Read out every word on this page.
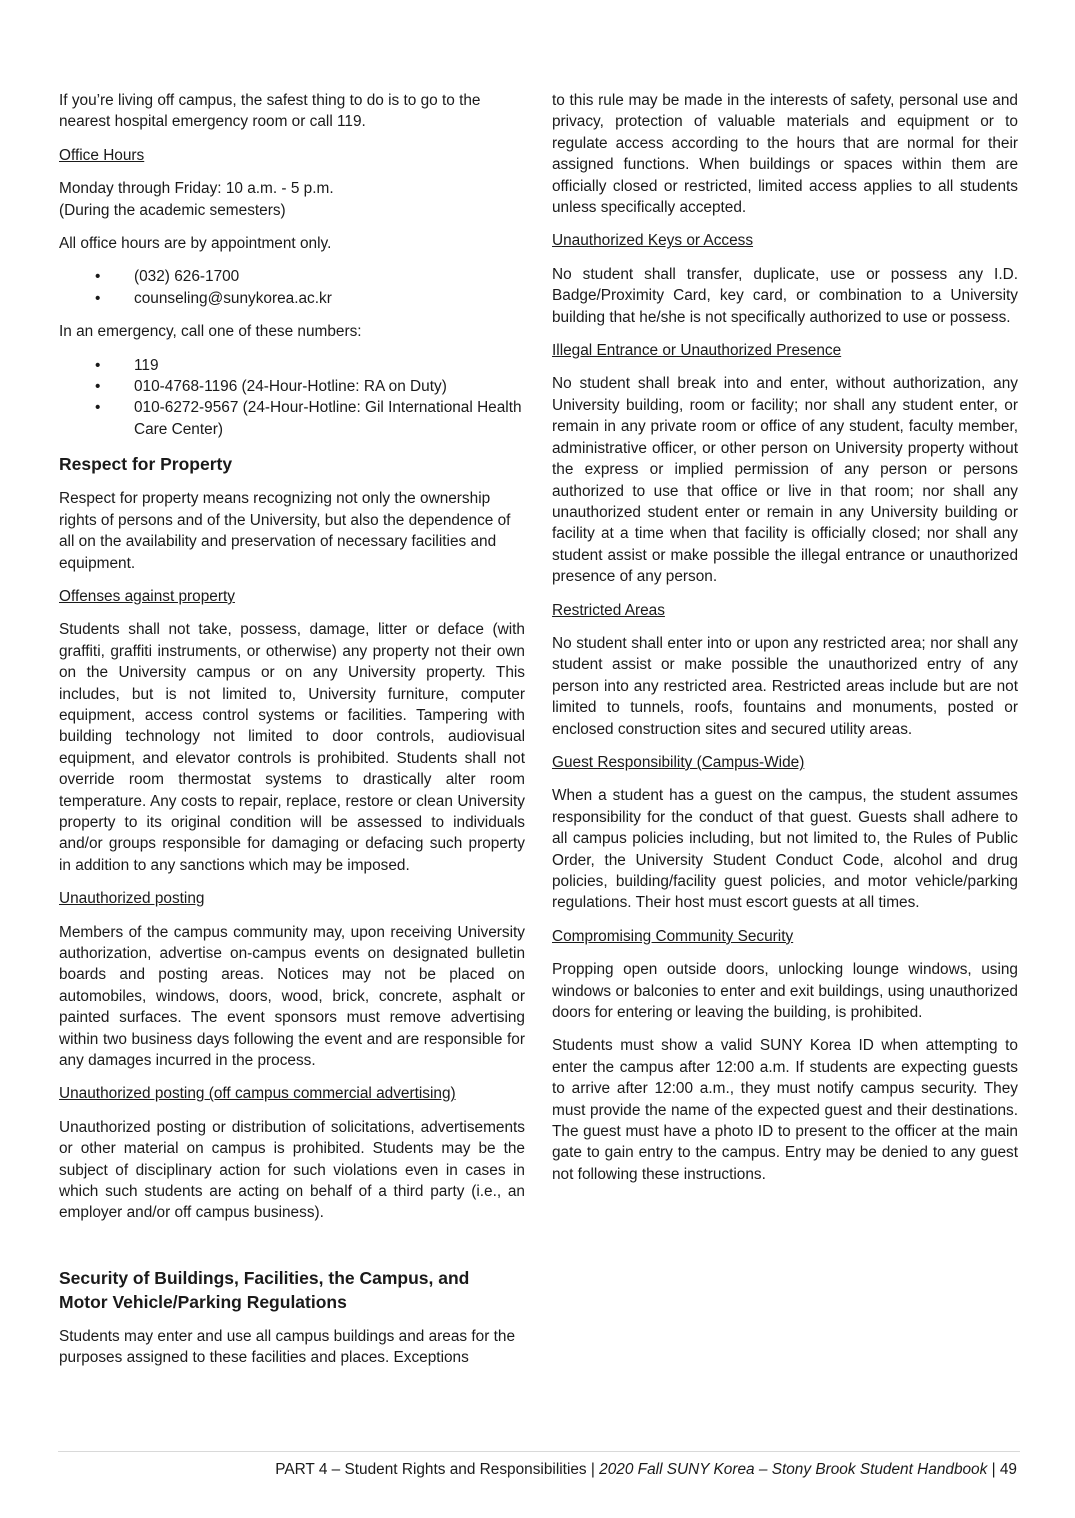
If you’re living off campus, the safest thing to do is to go to the nearest hospital emergency room or call 119.

Office Hours

Monday through Friday: 10 a.m. - 5 p.m.
(During the academic semesters)

All office hours are by appointment only.

• (032) 626-1700
• counseling@sunykorea.ac.kr

In an emergency, call one of these numbers:

• 119
• 010-4768-1196 (24-Hour-Hotline: RA on Duty)
• 010-6272-9567 (24-Hour-Hotline: Gil International Health Care Center)
Respect for Property

Respect for property means recognizing not only the ownership rights of persons and of the University, but also the dependence of all on the availability and preservation of necessary facilities and equipment.

Offenses against property

Students shall not take, possess, damage, litter or deface (with graffiti, graffiti instruments, or otherwise) any property not their own on the University campus or on any University property. This includes, but is not limited to, University furniture, computer equipment, access control systems or facilities. Tampering with building technology not limited to door controls, audiovisual equipment, and elevator controls is prohibited. Students shall not override room thermostat systems to drastically alter room temperature. Any costs to repair, replace, restore or clean University property to its original condition will be assessed to individuals and/or groups responsible for damaging or defacing such property in addition to any sanctions which may be imposed.

Unauthorized posting

Members of the campus community may, upon receiving University authorization, advertise on-campus events on designated bulletin boards and posting areas. Notices may not be placed on automobiles, windows, doors, wood, brick, concrete, asphalt or painted surfaces. The event sponsors must remove advertising within two business days following the event and are responsible for any damages incurred in the process.

Unauthorized posting (off campus commercial advertising)

Unauthorized posting or distribution of solicitations, advertisements or other material on campus is prohibited. Students may be the subject of disciplinary action for such violations even in cases in which such students are acting on behalf of a third party (i.e., an employer and/or off campus business).

Security of Buildings, Facilities, the Campus, and
Motor Vehicle/Parking Regulations

Students may enter and use all campus buildings and areas for the purposes assigned to these facilities and places. Exceptions

to this rule may be made in the interests of safety, personal use and privacy, protection of valuable materials and equipment or to regulate access according to the hours that are normal for their assigned functions. When buildings or spaces within them are officially closed or restricted, limited access applies to all students unless specifically accepted.

Unauthorized Keys or Access

No student shall transfer, duplicate, use or possess any I.D. Badge/Proximity Card, key card, or combination to a University building that he/she is not specifically authorized to use or possess.

Illegal Entrance or Unauthorized Presence

No student shall break into and enter, without authorization, any University building, room or facility; nor shall any student enter, or remain in any private room or office of any student, faculty member, administrative officer, or other person on University property without the express or implied permission of any person or persons authorized to use that office or live in that room; nor shall any unauthorized student enter or remain in any University building or facility at a time when that facility is officially closed; nor shall any student assist or make possible the illegal entrance or unauthorized presence of any person.

Restricted Areas

No student shall enter into or upon any restricted area; nor shall any student assist or make possible the unauthorized entry of any person into any restricted area. Restricted areas include but are not limited to tunnels, roofs, fountains and monuments, posted or enclosed construction sites and secured utility areas.

Guest Responsibility (Campus-Wide)

When a student has a guest on the campus, the student assumes responsibility for the conduct of that guest. Guests shall adhere to all campus policies including, but not limited to, the Rules of Public Order, the University Student Conduct Code, alcohol and drug policies, building/facility guest policies, and motor vehicle/parking regulations. Their host must escort guests at all times.

Compromising Community Security

Propping open outside doors, unlocking lounge windows, using windows or balconies to enter and exit buildings, using unauthorized doors for entering or leaving the building, is prohibited.

Students must show a valid SUNY Korea ID when attempting to enter the campus after 12:00 a.m. If students are expecting guests to arrive after 12:00 a.m., they must notify campus security. They must provide the name of the expected guest and their destinations. The guest must have a photo ID to present to the officer at the main gate to gain entry to the campus. Entry may be denied to any guest not following these instructions.

PART 4 – Student Rights and Responsibilities | 2020 Fall SUNY Korea – Stony Brook Student Handbook | 49
